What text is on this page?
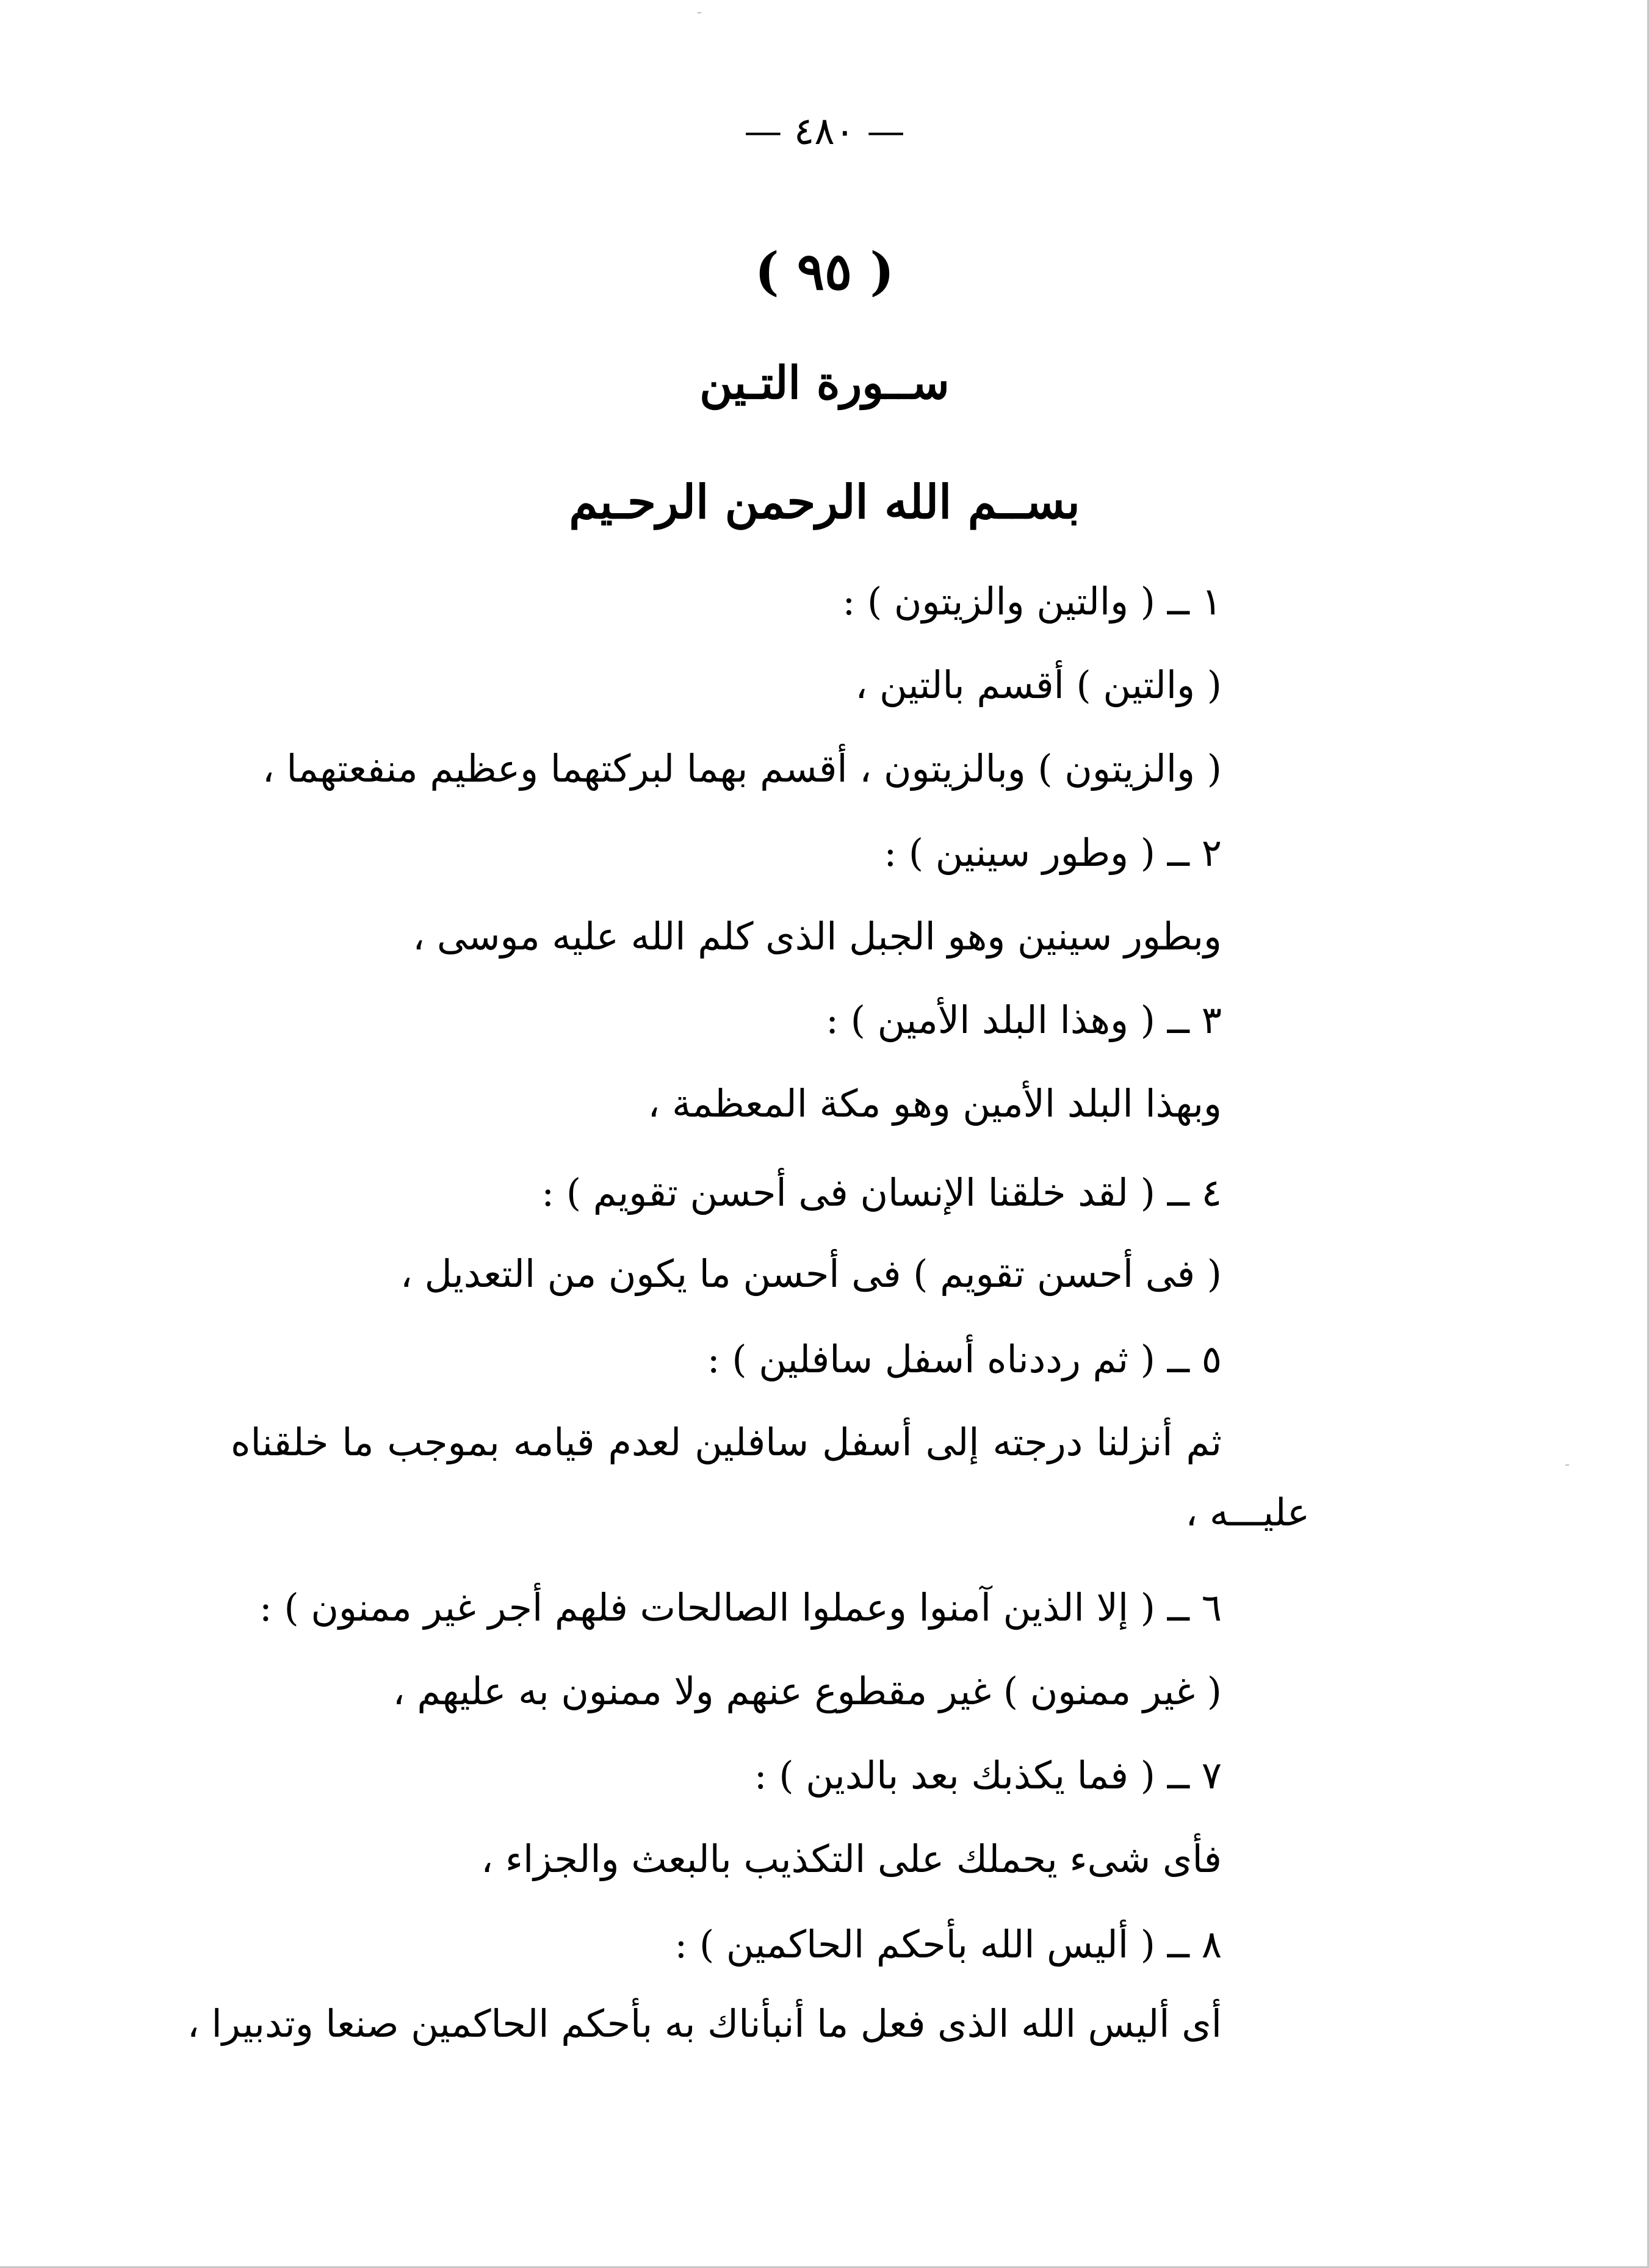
— ٤٨٠ —
( ٩٥ )
ســورة التـين
بســم الله الرحمن الرحـيم
١ ــ ( والتين والزيتون ) :
( والتين ) أقسم بالتين ،
( والزيتون ) وبالزيتون ، أقسم بهما لبركتهما وعظيم منفعتهما ،
٢ ــ ( وطور سينين ) :
وبطور سينين وهو الجبل الذى كلم الله عليه موسى ،
٣ ــ ( وهذا البلد الأمين ) :
وبهذا البلد الأمين وهو مكة المعظمة ،
٤ ــ ( لقد خلقنا الإنسان فى أحسن تقويم ) :
( فى أحسن تقويم ) فى أحسن ما يكون من التعديل ،
٥ ــ ( ثم رددناه أسفل سافلين ) :
ثم أنزلنا درجته إلى أسفل سافلين لعدم قيامه بموجب ما خلقناه
عليـــه ،
٦ ــ ( إلا الذين آمنوا وعملوا الصالحات فلهم أجر غير ممنون ) :
( غير ممنون ) غير مقطوع عنهم ولا ممنون به عليهم ،
٧ ــ ( فما يكذبك بعد بالدين ) :
فأى شىء يحملك على التكذيب بالبعث والجزاء ،
٨ ــ ( أليس الله بأحكم الحاكمين ) :
أى أليس الله الذى فعل ما أنبأناك به بأحكم الحاكمين صنعا وتدبيرا ،
